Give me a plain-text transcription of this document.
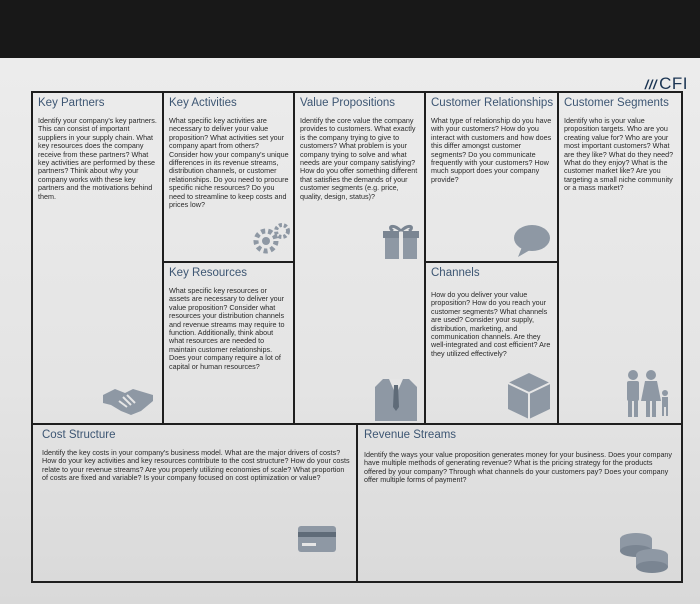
/// CFI
Key Partners
Identify your company's key partners. This can consist of important suppliers in your supply chain. What key resources does the company receive from these partners? What key activities are performed by these partners? Think about why your company works with these key partners and the motivations behind them.
Key Activities
What specific key activities are necessary to deliver your value proposition? What activities set your company apart from others? Consider how your company's unique differences in its revenue streams, distribution channels, or customer relationships. Do you need to procure specific niche resources? Do you need to streamline to keep costs and prices low?
Value Propositions
Identify the core value the company provides to customers. What exactly is the company trying to give to customers? What problem is your company trying to solve and what needs are your company satisfying? How do you offer something different that satisfies the demands of your customer segments (e.g. price, quality, design, status)?
Customer Relationships
What type of relationship do you have with your customers? How do you interact with customers and how does this differ amongst customer segments? Do you communicate frequently with your customers? How much support does your company provide?
Customer Segments
Identify who is your value proposition targets. Who are you creating value for? Who are your most important customers? What are they like? What do they need? What do they enjoy? What is the customer market like? Are you targeting a small niche community or a mass market?
Key Resources
What specific key resources or assets are necessary to deliver your value proposition? Consider what resources your distribution channels and revenue streams may require to function. Additionally, think about what resources are needed to maintain customer relationships. Does your company require a lot of capital or human resources?
Channels
How do you deliver your value proposition? How do you reach your customer segments? What channels are used? Consider your supply, distribution, marketing, and communication channels. Are they well-integrated and cost efficient? Are they utilized effectively?
Cost Structure
Identify the key costs in your company's business model. What are the major drivers of costs? How do your key activities and key resources contribute to the cost structure? How do your costs relate to your revenue streams? Are you properly utilizing economies of scale? What proportion of costs are fixed and variable? Is your company focused on cost optimization or value?
Revenue Streams
Identify the ways your value proposition generates money for your business. Does your company have multiple methods of generating revenue? What is the pricing strategy for the products offered by your company? Through what channels do your customers pay? Does your company offer multiple forms of payment?
